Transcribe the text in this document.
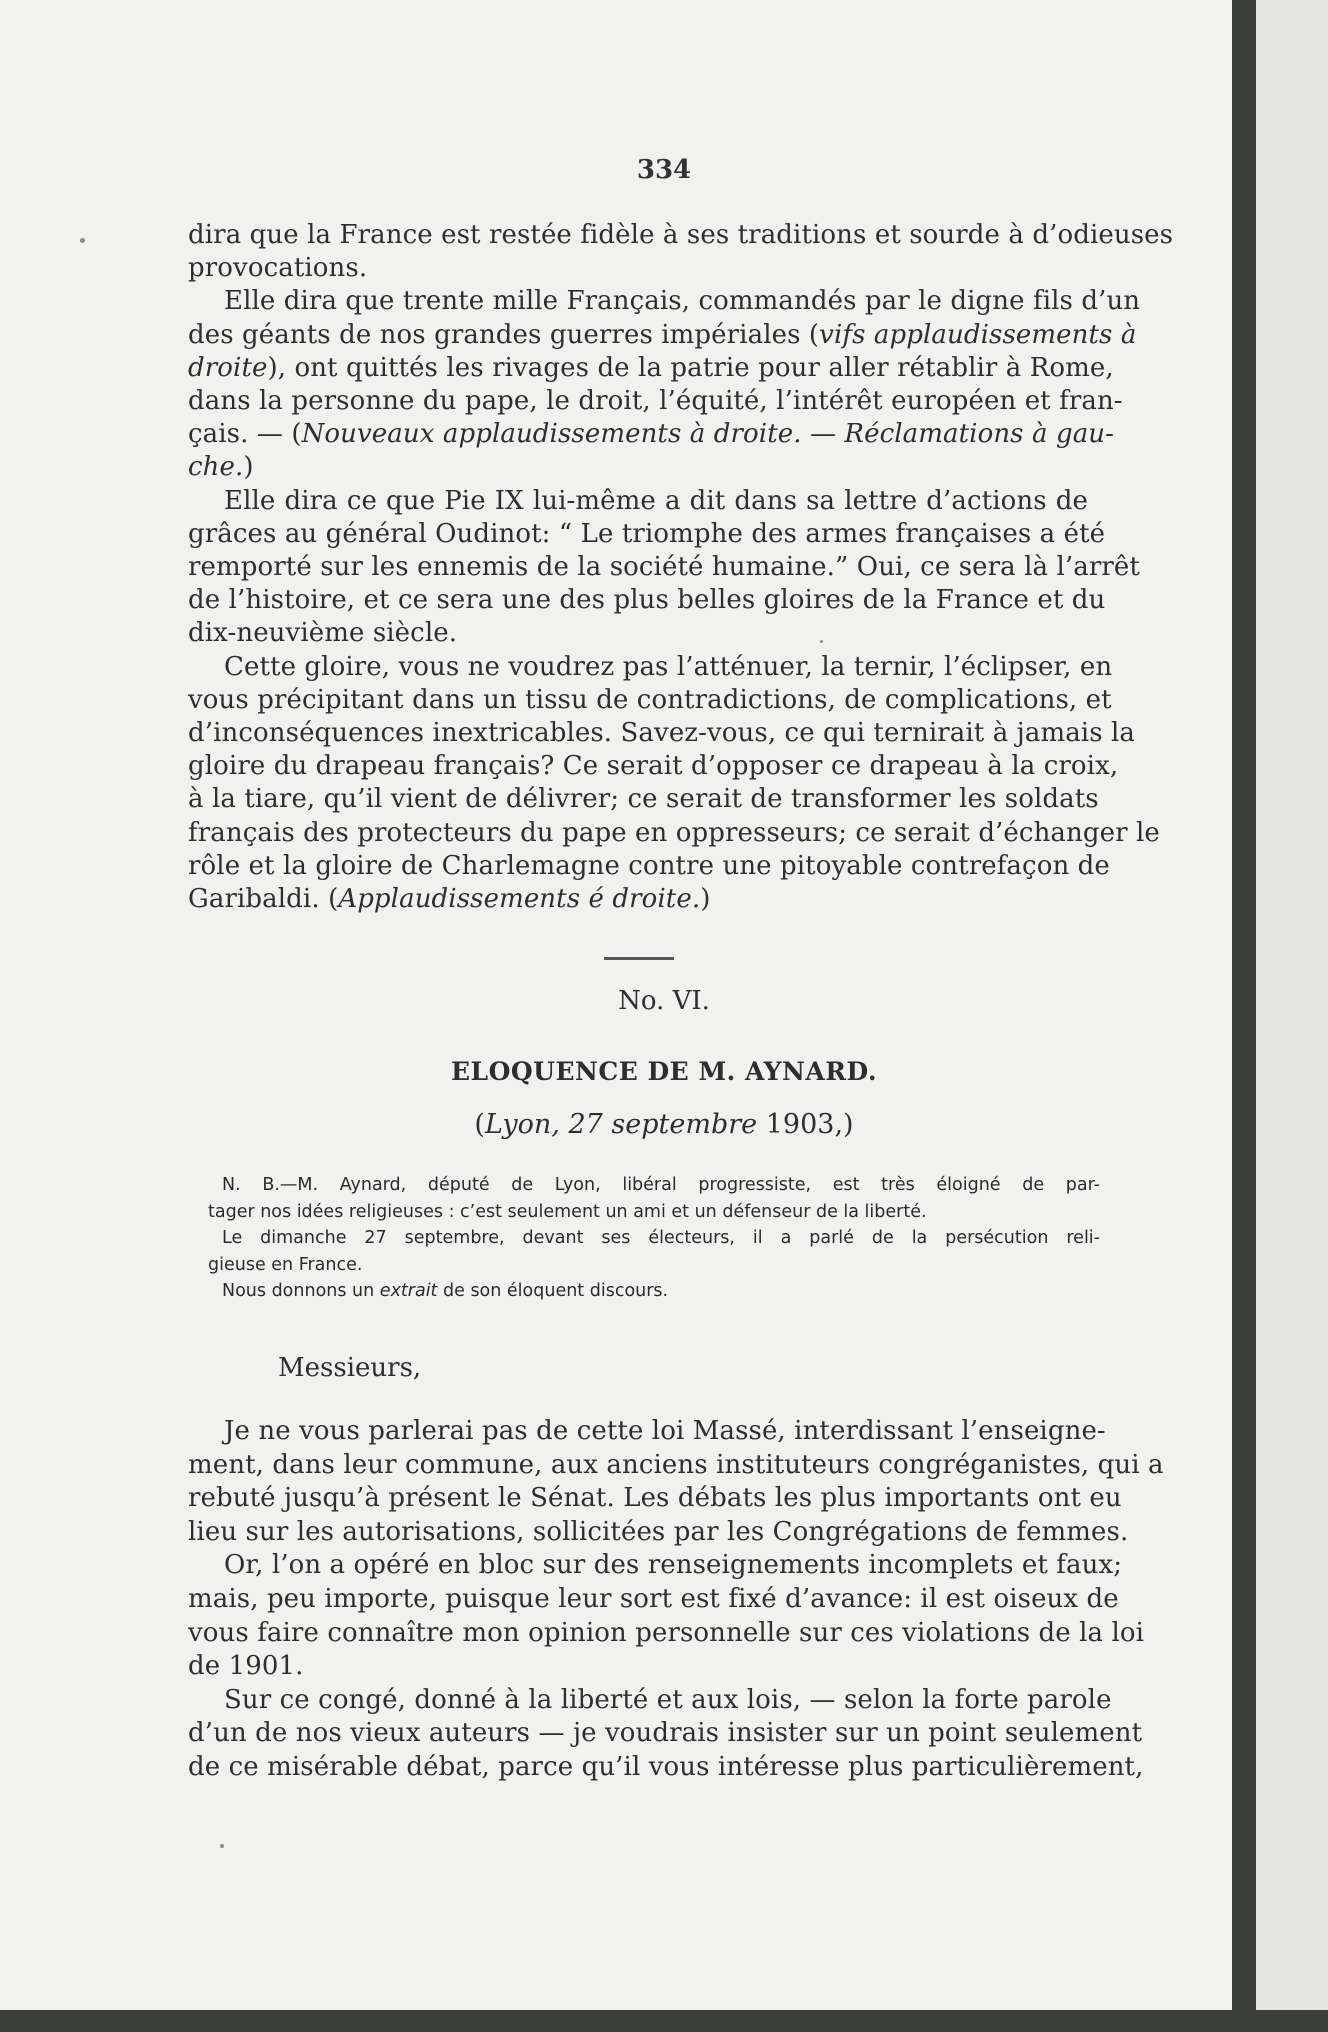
334
dira que la France est restée fidèle à ses traditions et sourde à d’odieuses
provocations.
Elle dira que trente mille Français, commandés par le digne fils d’un
des géants de nos grandes guerres impériales (vifs applaudissements à
droite), ont quittés les rivages de la patrie pour aller rétablir à Rome,
dans la personne du pape, le droit, l’équité, l’intérêt européen et fran-
çais. — (Nouveaux applaudissements à droite. — Réclamations à gau-
che.)
Elle dira ce que Pie IX lui-même a dit dans sa lettre d’actions de
grâces au général Oudinot: “ Le triomphe des armes françaises a été
remporté sur les ennemis de la société humaine.” Oui, ce sera là l’arrêt
de l’histoire, et ce sera une des plus belles gloires de la France et du
dix-neuvième siècle.
Cette gloire, vous ne voudrez pas l’atténuer, la ternir, l’éclipser, en
vous précipitant dans un tissu de contradictions, de complications, et
d’inconséquences inextricables. Savez-vous, ce qui ternirait à jamais la
gloire du drapeau français? Ce serait d’opposer ce drapeau à la croix,
à la tiare, qu’il vient de délivrer; ce serait de transformer les soldats
français des protecteurs du pape en oppresseurs; ce serait d’échanger le
rôle et la gloire de Charlemagne contre une pitoyable contrefaçon de
Garibaldi. (Applaudissements é droite.)
No. VI.
ELOQUENCE DE M. AYNARD.
(Lyon, 27 septembre 1903,)
N. B.—M. Aynard, député de Lyon, libéral progressiste, est très éloigné de par-
tager nos idées religieuses : c’est seulement un ami et un défenseur de la liberté.
Le dimanche 27 septembre, devant ses électeurs, il a parlé de la persécution reli-
gieuse en France.
Nous donnons un extrait de son éloquent discours.
Messieurs,
Je ne vous parlerai pas de cette loi Massé, interdissant l’enseigne-
ment, dans leur commune, aux anciens instituteurs congréganistes, qui a
rebuté jusqu’à présent le Sénat. Les débats les plus importants ont eu
lieu sur les autorisations, sollicitées par les Congrégations de femmes.
Or, l’on a opéré en bloc sur des renseignements incomplets et faux;
mais, peu importe, puisque leur sort est fixé d’avance: il est oiseux de
vous faire connaître mon opinion personnelle sur ces violations de la loi
de 1901.
Sur ce congé, donné à la liberté et aux lois, — selon la forte parole
d’un de nos vieux auteurs — je voudrais insister sur un point seulement
de ce misérable débat, parce qu’il vous intéresse plus particulièrement,
